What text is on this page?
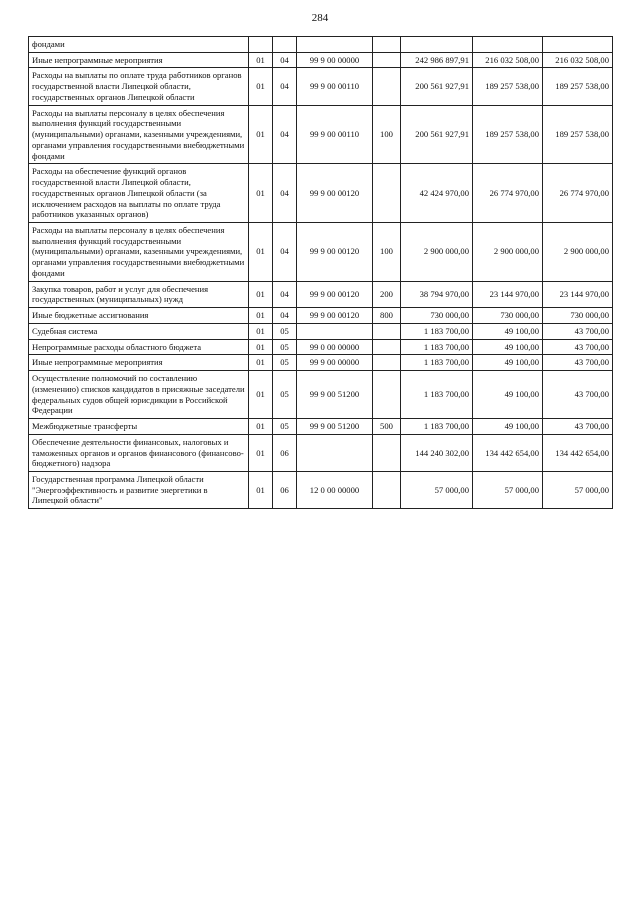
284
фондами							
Иные непрограммные мероприятия	01	04	99 9 00 00000		242 986 897,91	216 032 508,00	216 032 508,00
Расходы на выплаты по оплате труда работников органов государственной власти Липецкой области, государственных органов Липецкой области	01	04	99 9 00 00110		200 561 927,91	189 257 538,00	189 257 538,00
Расходы на выплаты персоналу в целях обеспечения выполнения функций государственными (муниципальными) органами, казенными учреждениями, органами управления государственными внебюджетными фондами	01	04	99 9 00 00110	100	200 561 927,91	189 257 538,00	189 257 538,00
Расходы на обеспечение функций органов государственной власти Липецкой области, государственных органов Липецкой области (за исключением расходов на выплаты по оплате труда работников указанных органов)	01	04	99 9 00 00120		42 424 970,00	26 774 970,00	26 774 970,00
Расходы на выплаты персоналу в целях обеспечения выполнения функций государственными (муниципальными) органами, казенными учреждениями, органами управления государственными внебюджетными фондами	01	04	99 9 00 00120	100	2 900 000,00	2 900 000,00	2 900 000,00
Закупка товаров, работ и услуг для обеспечения государственных (муниципальных) нужд	01	04	99 9 00 00120	200	38 794 970,00	23 144 970,00	23 144 970,00
Иные бюджетные ассигнования	01	04	99 9 00 00120	800	730 000,00	730 000,00	730 000,00
Судебная система	01	05			1 183 700,00	49 100,00	43 700,00
Непрограммные расходы областного бюджета	01	05	99 0 00 00000		1 183 700,00	49 100,00	43 700,00
Иные непрограммные мероприятия	01	05	99 9 00 00000		1 183 700,00	49 100,00	43 700,00
Осуществление полномочий по составлению (изменению) списков кандидатов в присяжные заседатели федеральных судов общей юрисдикции в Российской Федерации	01	05	99 9 00 51200		1 183 700,00	49 100,00	43 700,00
Межбюджетные трансферты	01	05	99 9 00 51200	500	1 183 700,00	49 100,00	43 700,00
Обеспечение деятельности финансовых, налоговых и таможенных органов и органов финансового (финансово-бюджетного) надзора	01	06			144 240 302,00	134 442 654,00	134 442 654,00
Государственная программа Липецкой области "Энергоэффективность и развитие энергетики в Липецкой области"	01	06	12 0 00 00000		57 000,00	57 000,00	57 000,00
